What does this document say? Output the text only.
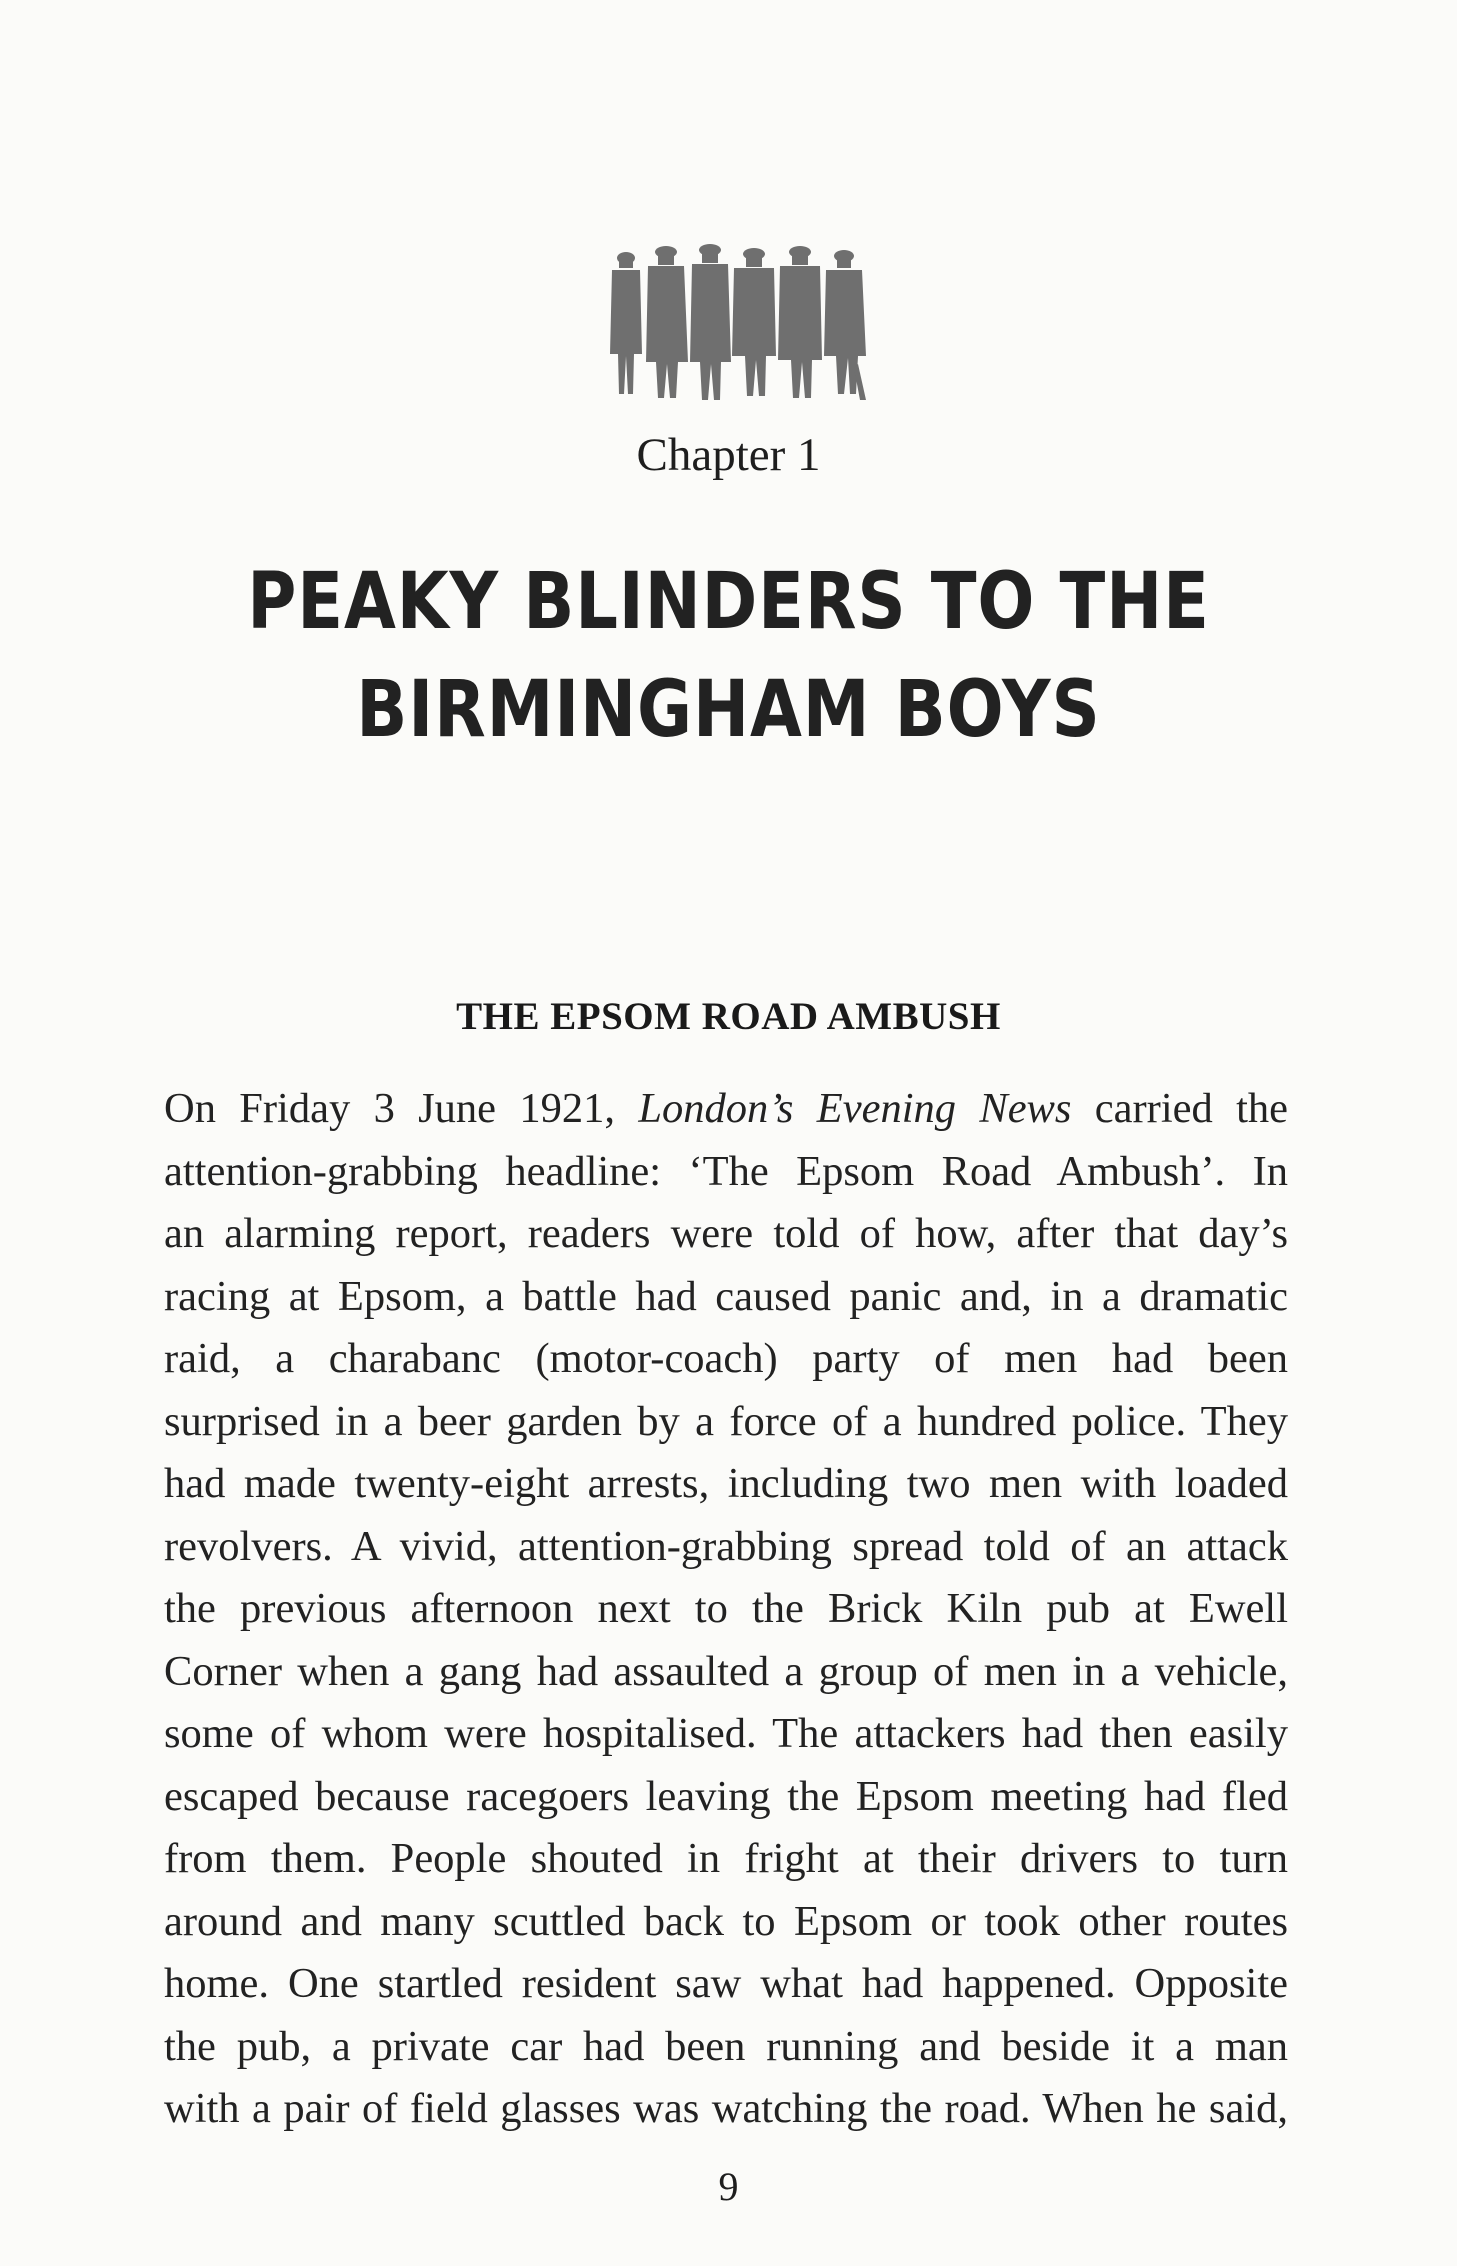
Chapter 1
PEAKY BLINDERS TO THE
BIRMINGHAM BOYS
THE EPSOM ROAD AMBUSH
On Friday 3 June 1921, London’s Evening News carried the
attention-grabbing headline: ‘The Epsom Road Ambush’. In
an alarming report, readers were told of how, after that day’s
racing at Epsom, a battle had caused panic and, in a dramatic
raid, a charabanc (motor-coach) party of men had been
surprised in a beer garden by a force of a hundred police. They
had made twenty-eight arrests, including two men with loaded
revolvers. A vivid, attention-grabbing spread told of an attack
the previous afternoon next to the Brick Kiln pub at Ewell
Corner when a gang had assaulted a group of men in a vehicle,
some of whom were hospitalised. The attackers had then easily
escaped because racegoers leaving the Epsom meeting had fled
from them. People shouted in fright at their drivers to turn
around and many scuttled back to Epsom or took other routes
home. One startled resident saw what had happened. Opposite
the pub, a private car had been running and beside it a man
with a pair of field glasses was watching the road. When he said,
9
